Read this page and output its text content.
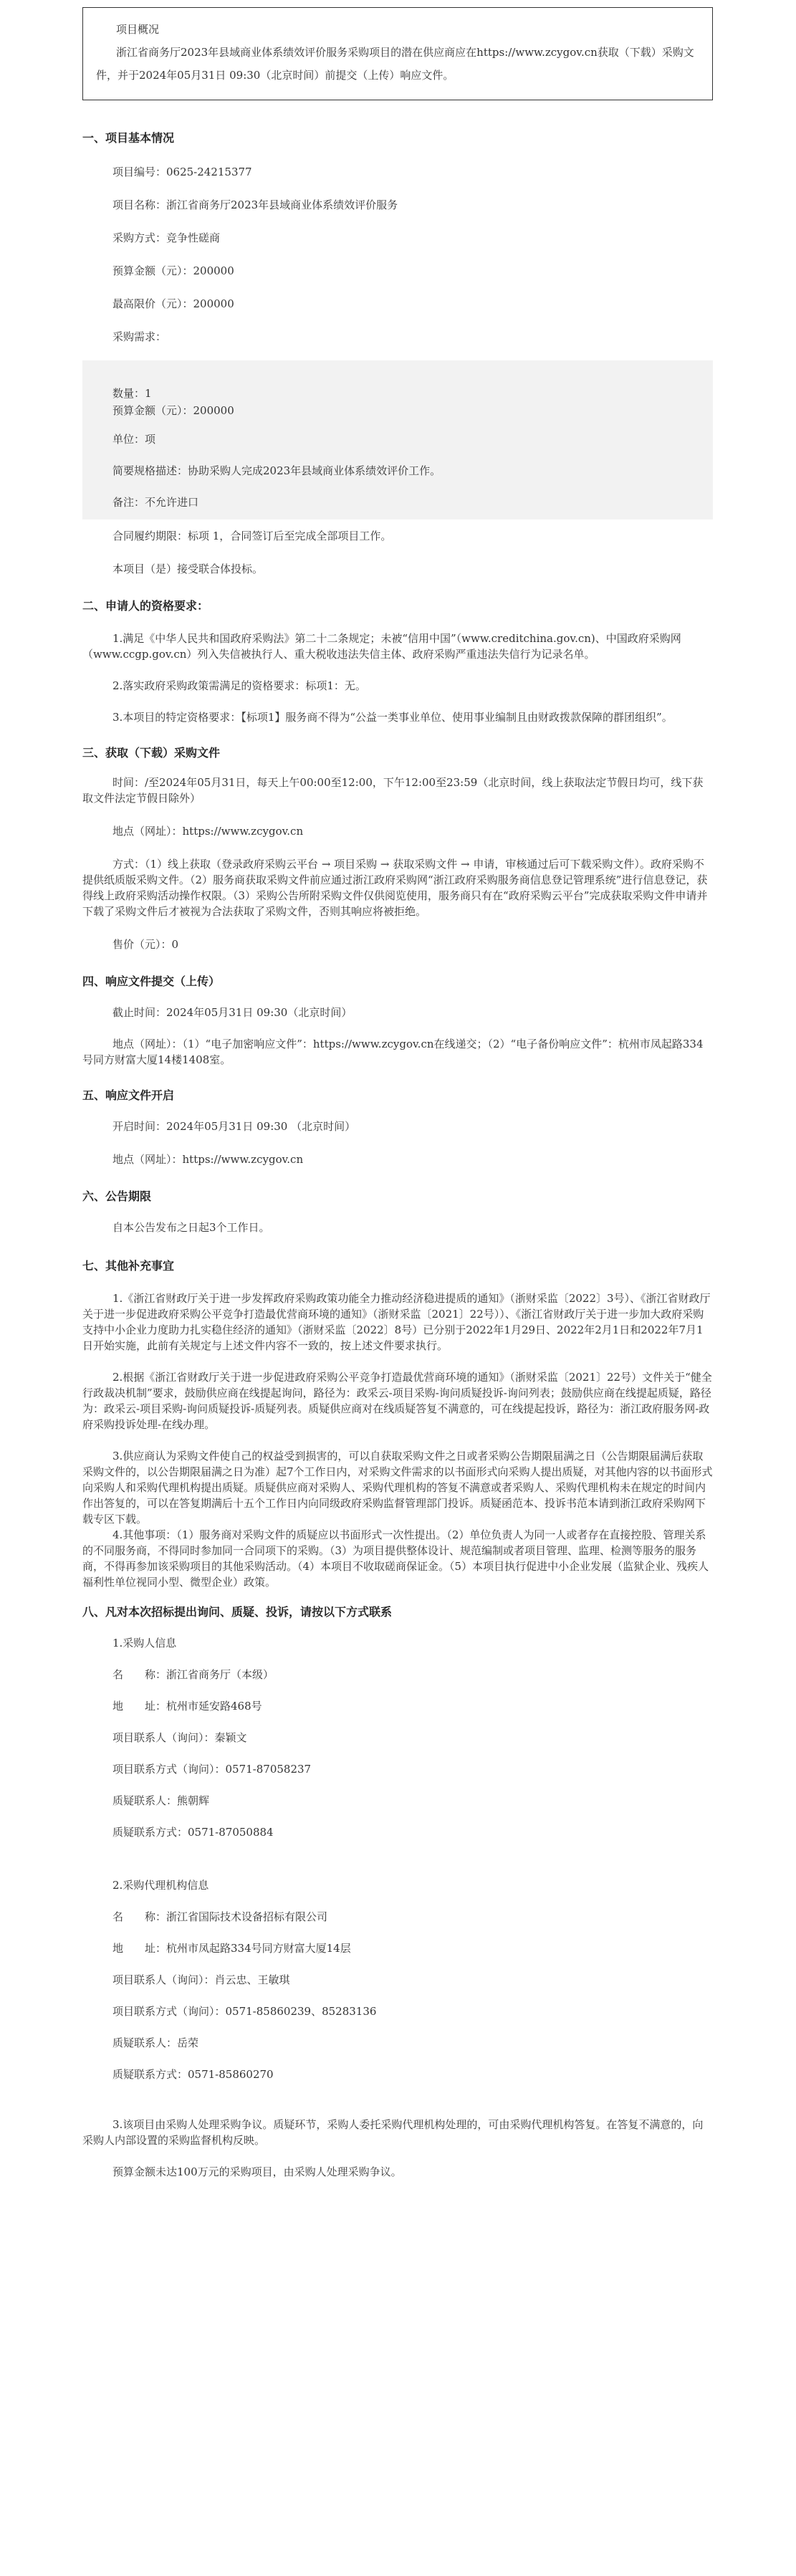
项目概况

浙江省商务厅2023年县域商业体系绩效评价服务采购项目的潜在供应商应在https://www.zcygov.cn获取（下载）采购文件，并于2024年05月31日 09:30（北京时间）前提交（上传）响应文件。

一、项目基本情况

项目编号：0625-24215377

项目名称：浙江省商务厅2023年县域商业体系绩效评价服务

采购方式：竞争性磋商

预算金额（元）：200000

最高限价（元）：200000

采购需求：

数量：1

预算金额（元）：200000

单位：项

简要规格描述：协助采购人完成2023年县域商业体系绩效评价工作。

备注：不允许进口

合同履约期限：标项 1，合同签订后至完成全部项目工作。

本项目（是）接受联合体投标。

二、申请人的资格要求：

1.满足《中华人民共和国政府采购法》第二十二条规定；未被“信用中国”（www.creditchina.gov.cn)、中国政府采购网（www.ccgp.gov.cn）列入失信被执行人、重大税收违法失信主体、政府采购严重违法失信行为记录名单。

2.落实政府采购政策需满足的资格要求：标项1：无。

3.本项目的特定资格要求：【标项1】服务商不得为“公益一类事业单位、使用事业编制且由财政拨款保障的群团组织”。

三、获取（下载）采购文件

时间：/至2024年05月31日，每天上午00:00至12:00，下午12:00至23:59（北京时间，线上获取法定节假日均可，线下获取文件法定节假日除外）

地点（网址）：https://www.zcygov.cn

方式：（1）线上获取（登录政府采购云平台 → 项目采购 → 获取采购文件 → 申请，审核通过后可下载采购文件）。政府采购不提供纸质版采购文件。（2）服务商获取采购文件前应通过浙江政府采购网“浙江政府采购服务商信息登记管理系统”进行信息登记，获得线上政府采购活动操作权限。（3）采购公告所附采购文件仅供阅览使用，服务商只有在“政府采购云平台”完成获取采购文件申请并下载了采购文件后才被视为合法获取了采购文件，否则其响应将被拒绝。

售价（元）：0

四、响应文件提交（上传）

截止时间：2024年05月31日 09:30（北京时间）

地点（网址）：（1）“电子加密响应文件”：https://www.zcygov.cn在线递交；（2）“电子备份响应文件”：杭州市凤起路334号同方财富大厦14楼1408室。

五、响应文件开启

开启时间：2024年05月31日 09:30 （北京时间）

地点（网址）：https://www.zcygov.cn

六、公告期限

自本公告发布之日起3个工作日。

七、其他补充事宜

1.《浙江省财政厅关于进一步发挥政府采购政策功能全力推动经济稳进提质的通知》（浙财采监〔2022〕3号）、《浙江省财政厅关于进一步促进政府采购公平竞争打造最优营商环境的通知》（浙财采监〔2021〕22号））、《浙江省财政厅关于进一步加大政府采购支持中小企业力度助力扎实稳住经济的通知》（浙财采监〔2022〕8号）已分别于2022年1月29日、2022年2月1日和2022年7月1日开始实施，此前有关规定与上述文件内容不一致的，按上述文件要求执行。

2.根据《浙江省财政厅关于进一步促进政府采购公平竞争打造最优营商环境的通知》（浙财采监〔2021〕22号）文件关于“健全行政裁决机制”要求，鼓励供应商在线提起询问，路径为：政采云-项目采购-询问质疑投诉-询问列表；鼓励供应商在线提起质疑，路径为：政采云-项目采购-询问质疑投诉-质疑列表。质疑供应商对在线质疑答复不满意的，可在线提起投诉，路径为：浙江政府服务网-政府采购投诉处理-在线办理。

3.供应商认为采购文件使自己的权益受到损害的，可以自获取采购文件之日或者采购公告期限届满之日（公告期限届满后获取采购文件的，以公告期限届满之日为准）起7个工作日内，对采购文件需求的以书面形式向采购人提出质疑，对其他内容的以书面形式向采购人和采购代理机构提出质疑。质疑供应商对采购人、采购代理机构的答复不满意或者采购人、采购代理机构未在规定的时间内作出答复的，可以在答复期满后十五个工作日内向同级政府采购监督管理部门投诉。质疑函范本、投诉书范本请到浙江政府采购网下载专区下载。

4.其他事项：（1）服务商对采购文件的质疑应以书面形式一次性提出。（2）单位负责人为同一人或者存在直接控股、管理关系的不同服务商，不得同时参加同一合同项下的采购。（3）为项目提供整体设计、规范编制或者项目管理、监理、检测等服务的服务商，不得再参加该采购项目的其他采购活动。（4）本项目不收取磋商保证金。（5）本项目执行促进中小企业发展（监狱企业、残疾人福利性单位视同小型、微型企业）政策。

八、凡对本次招标提出询问、质疑、投诉，请按以下方式联系

1.采购人信息

名　　称：浙江省商务厅（本级）

地　　址：杭州市延安路468号

项目联系人（询问）：秦颖文

项目联系方式（询问）：0571-87058237

质疑联系人：熊朝辉

质疑联系方式：0571-87050884

2.采购代理机构信息

名　　称：浙江省国际技术设备招标有限公司

地　　址：杭州市凤起路334号同方财富大厦14层

项目联系人（询问）：肖云忠、王敏琪

项目联系方式（询问）：0571-85860239、85283136

质疑联系人：岳荣

质疑联系方式：0571-85860270

3.该项目由采购人处理采购争议。质疑环节，采购人委托采购代理机构处理的，可由采购代理机构答复。在答复不满意的，向采购人内部设置的采购监督机构反映。

预算金额未达100万元的采购项目，由采购人处理采购争议。
